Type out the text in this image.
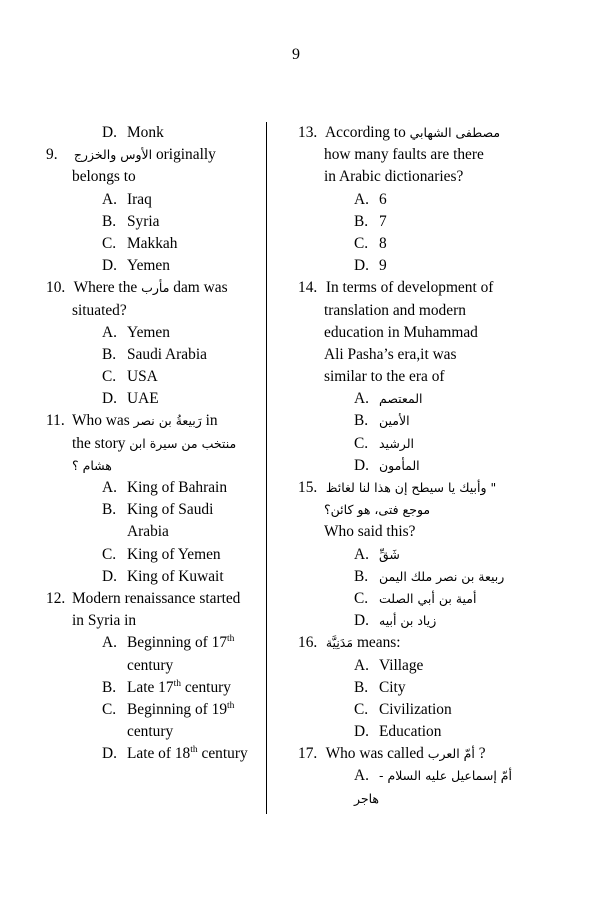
9
D. Monk
9. الأوس والخزرج originally
belongs to
A. Iraq
B. Syria
C. Makkah
D. Yemen
10. Where the مأرب dam was
situated?
A. Yemen
B. Saudi Arabia
C. USA
D. UAE
11. Who was رَبيعةُ بن نصر in
the story منتخب من سيرة ابن
هشام ؟
A. King of Bahrain
B. King of Saudi
Arabia
C. King of Yemen
D. King of Kuwait
12. Modern renaissance started
in Syria in
A. Beginning of 17th
century
B. Late 17th century
C. Beginning of 19th
century
D. Late of 18th century
13. According to مصطفى الشهابي
how many faults are there
in Arabic dictionaries?
A. 6
B. 7
C. 8
D. 9
14. In terms of development of
translation and modern
education in Muhammad
Ali Pasha’s era,it was
similar to the era of
A. المعتصم
B. الأمين
C. الرشيد
D. المأمون
15. " وأبيك يا سيطح إن هذا لنا لغائظ
موجع فتى، هو كائن؟
Who said this?
A. شَقِّ
B. ربيعة بن نصر ملك اليمن
C. أمية بن أبي الصلت
D. زياد بن أبيه
16. مَدَنِيَّة means:
A. Village
B. City
C. Civilization
D. Education
17. Who was called أمّ العرب ?
A. أمّ إسماعيل عليه السلام -
هاجر
